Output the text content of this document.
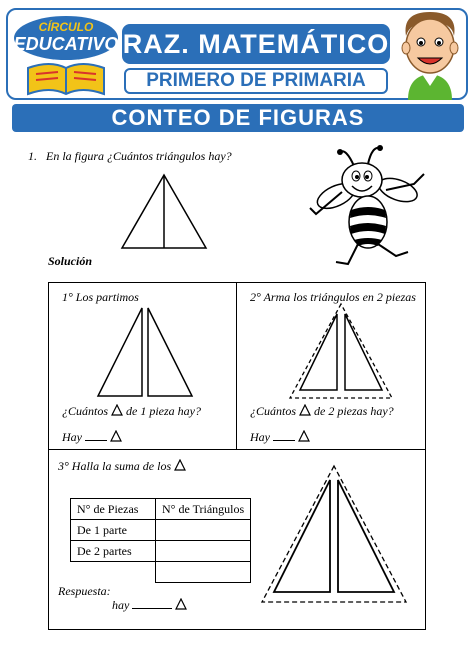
CÍRCULO
EDUCATIVO RAZ. MATEMÁTICO
PRIMERO DE PRIMARIA
CONTEO DE FIGURAS
1. En la figura ¿Cuántos triángulos hay?
Solución
1° Los partimos
¿Cuántos de 1 pieza hay?
Hay
2° Arma los triángulos en 2 piezas
¿Cuántos de 2 piezas hay?
Hay
3° Halla la suma de los
N° de Piezas	N° de Triángulos
De 1 parte	
De 2 partes	

Respuesta:
hay
